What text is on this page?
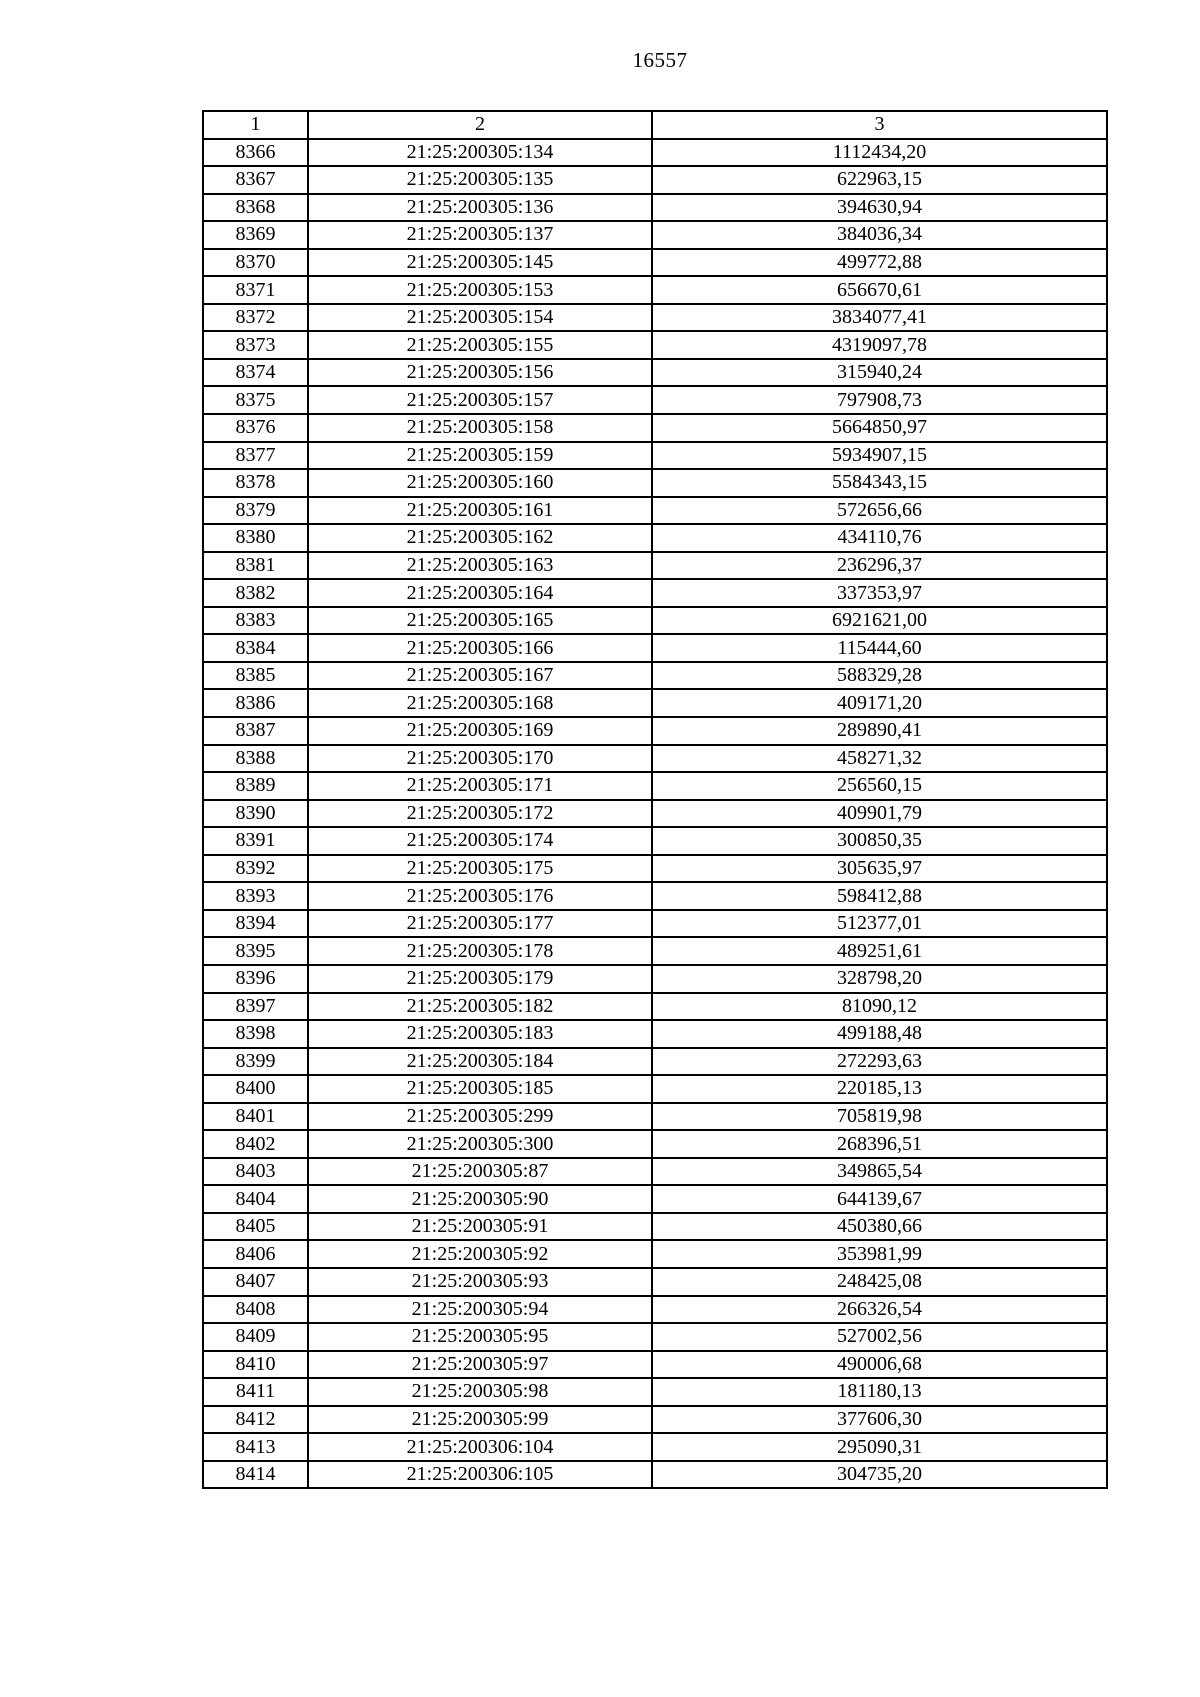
16557
1	2	3
8366	21:25:200305:134	1112434,20
8367	21:25:200305:135	622963,15
8368	21:25:200305:136	394630,94
8369	21:25:200305:137	384036,34
8370	21:25:200305:145	499772,88
8371	21:25:200305:153	656670,61
8372	21:25:200305:154	3834077,41
8373	21:25:200305:155	4319097,78
8374	21:25:200305:156	315940,24
8375	21:25:200305:157	797908,73
8376	21:25:200305:158	5664850,97
8377	21:25:200305:159	5934907,15
8378	21:25:200305:160	5584343,15
8379	21:25:200305:161	572656,66
8380	21:25:200305:162	434110,76
8381	21:25:200305:163	236296,37
8382	21:25:200305:164	337353,97
8383	21:25:200305:165	6921621,00
8384	21:25:200305:166	115444,60
8385	21:25:200305:167	588329,28
8386	21:25:200305:168	409171,20
8387	21:25:200305:169	289890,41
8388	21:25:200305:170	458271,32
8389	21:25:200305:171	256560,15
8390	21:25:200305:172	409901,79
8391	21:25:200305:174	300850,35
8392	21:25:200305:175	305635,97
8393	21:25:200305:176	598412,88
8394	21:25:200305:177	512377,01
8395	21:25:200305:178	489251,61
8396	21:25:200305:179	328798,20
8397	21:25:200305:182	81090,12
8398	21:25:200305:183	499188,48
8399	21:25:200305:184	272293,63
8400	21:25:200305:185	220185,13
8401	21:25:200305:299	705819,98
8402	21:25:200305:300	268396,51
8403	21:25:200305:87	349865,54
8404	21:25:200305:90	644139,67
8405	21:25:200305:91	450380,66
8406	21:25:200305:92	353981,99
8407	21:25:200305:93	248425,08
8408	21:25:200305:94	266326,54
8409	21:25:200305:95	527002,56
8410	21:25:200305:97	490006,68
8411	21:25:200305:98	181180,13
8412	21:25:200305:99	377606,30
8413	21:25:200306:104	295090,31
8414	21:25:200306:105	304735,20
